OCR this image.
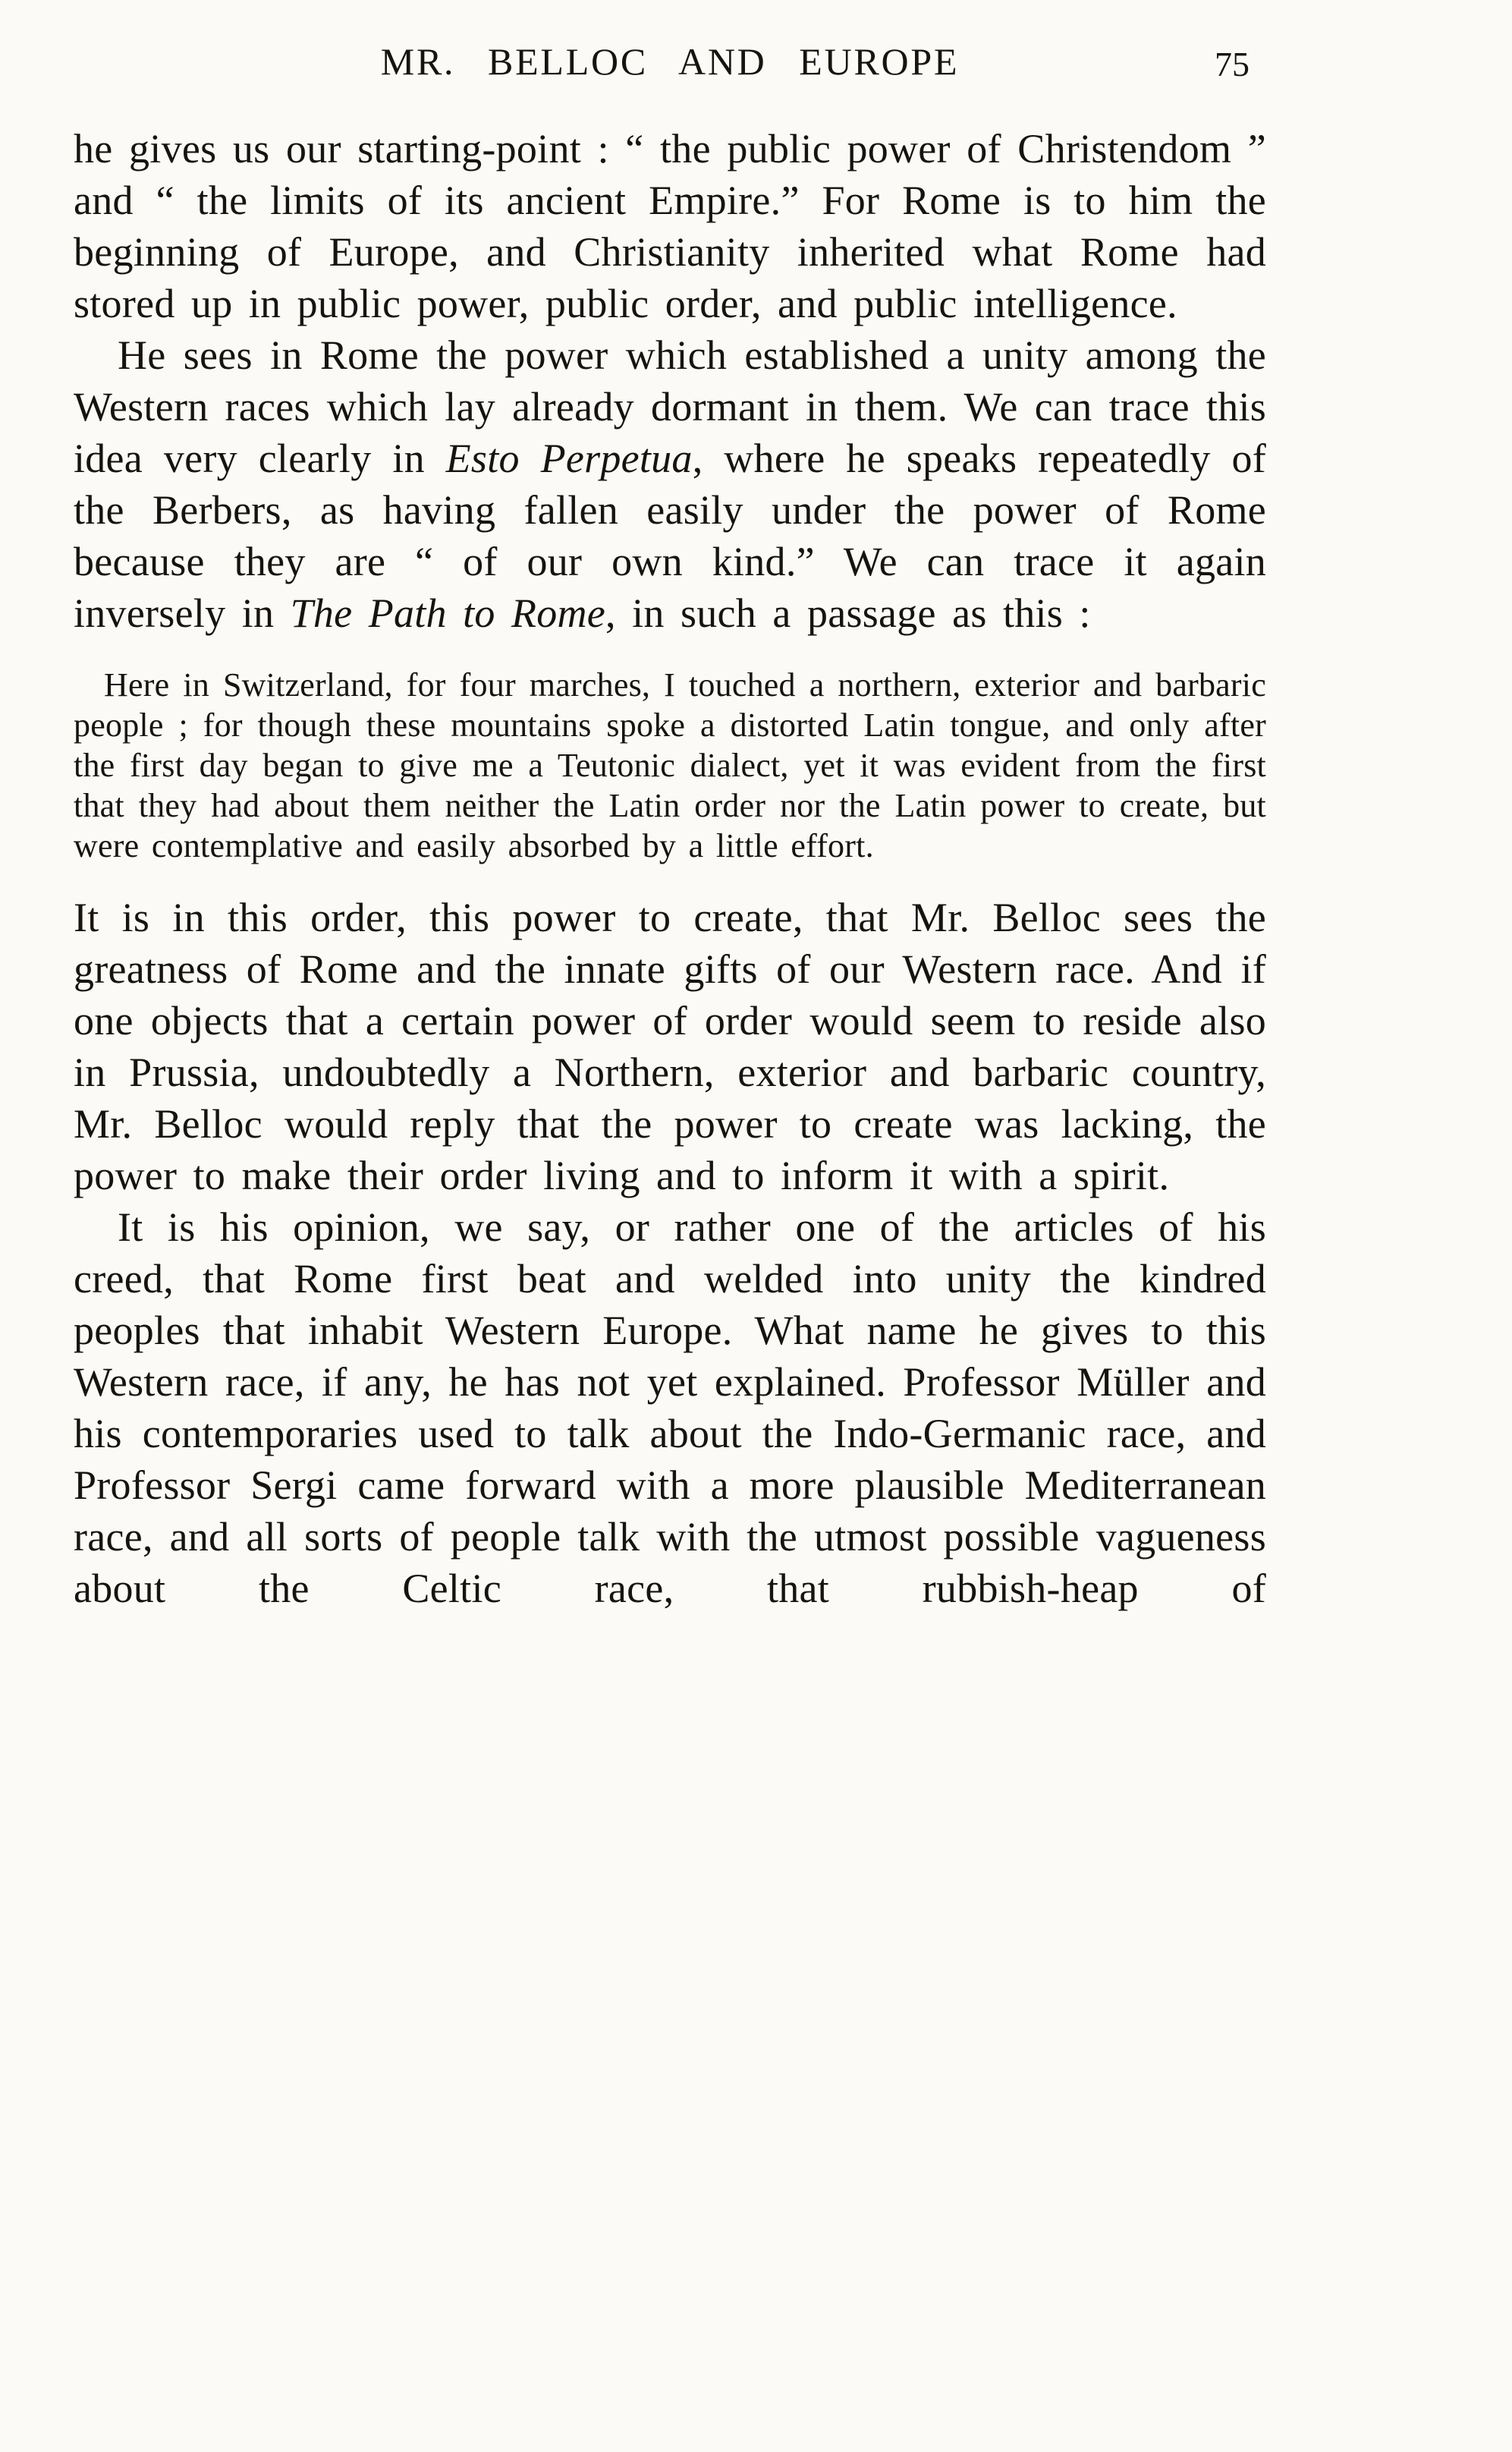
MR. BELLOC AND EUROPE	75

he gives us our starting-point : “ the public power of Christendom ” and “ the limits of its ancient Empire.” For Rome is to him the beginning of Europe, and Christianity inherited what Rome had stored up in public power, public order, and public intelligence.

He sees in Rome the power which established a unity among the Western races which lay already dormant in them. We can trace this idea very clearly in Esto Perpetua, where he speaks repeatedly of the Berbers, as having fallen easily under the power of Rome because they are “ of our own kind.” We can trace it again inversely in The Path to Rome, in such a passage as this :

Here in Switzerland, for four marches, I touched a northern, exterior and barbaric people ; for though these mountains spoke a distorted Latin tongue, and only after the first day began to give me a Teutonic dialect, yet it was evident from the first that they had about them neither the Latin order nor the Latin power to create, but were contemplative and easily absorbed by a little effort.

It is in this order, this power to create, that Mr. Belloc sees the greatness of Rome and the innate gifts of our Western race. And if one objects that a certain power of order would seem to reside also in Prussia, undoubtedly a Northern, exterior and barbaric country, Mr. Belloc would reply that the power to create was lacking, the power to make their order living and to inform it with a spirit.

It is his opinion, we say, or rather one of the articles of his creed, that Rome first beat and welded into unity the kindred peoples that inhabit Western Europe. What name he gives to this Western race, if any, he has not yet explained. Professor Müller and his contemporaries used to talk about the Indo-Germanic race, and Professor Sergi came forward with a more plausible Mediterranean race, and all sorts of people talk with the utmost possible vagueness about the Celtic race, that rubbish-heap of
